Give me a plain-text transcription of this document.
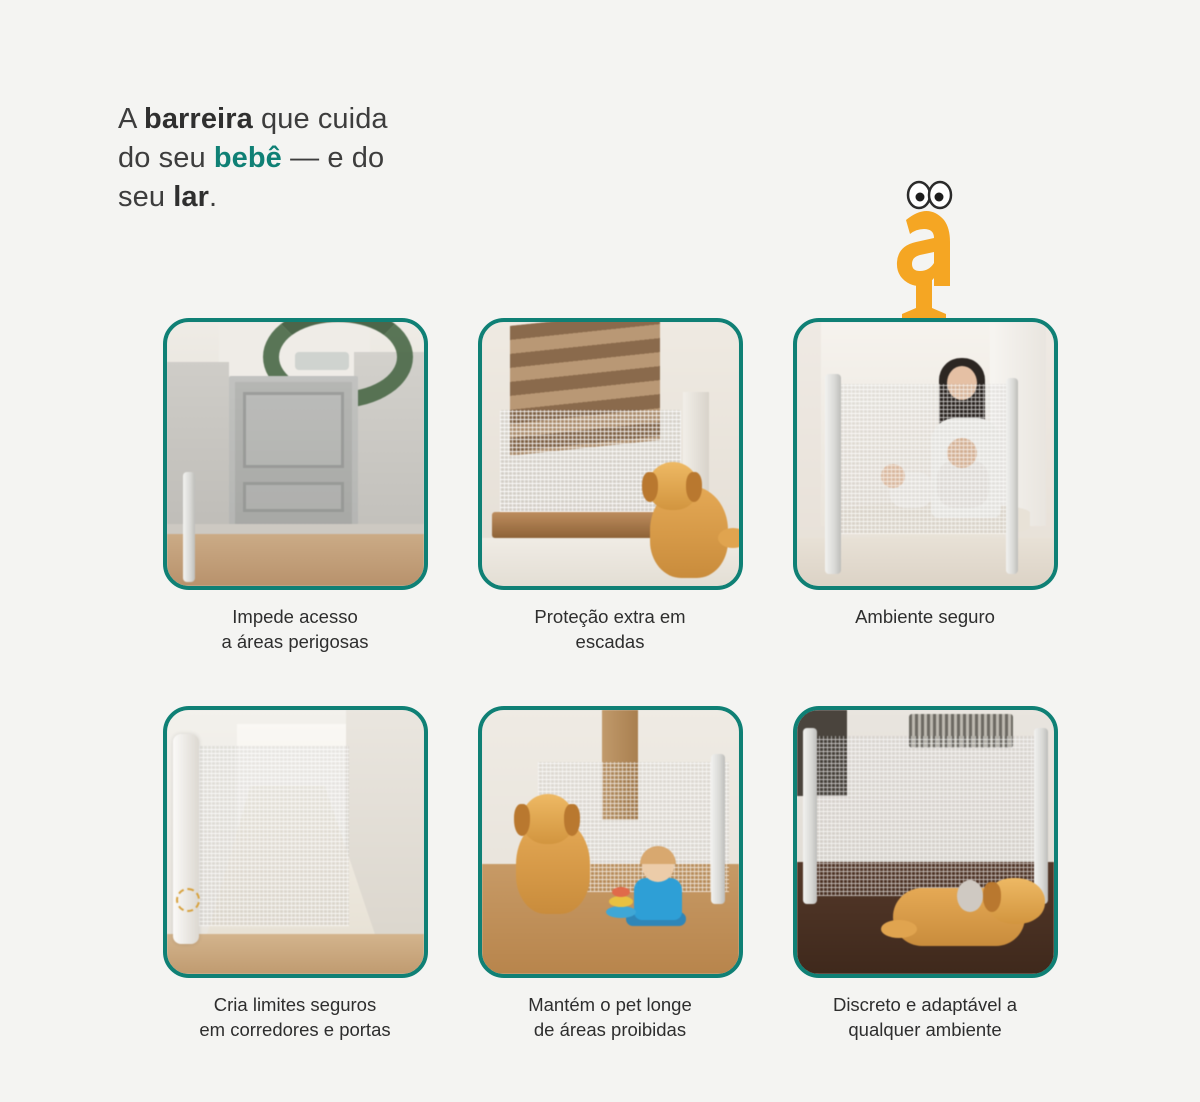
A barreira que cuida
do seu bebê — e do
seu lar.
Impede acesso
a áreas perigosas
Proteção extra em
escadas
Ambiente seguro
Cria limites seguros
em corredores e portas
Mantém o pet longe
de áreas proibidas
Discreto e adaptável a
qualquer ambiente
